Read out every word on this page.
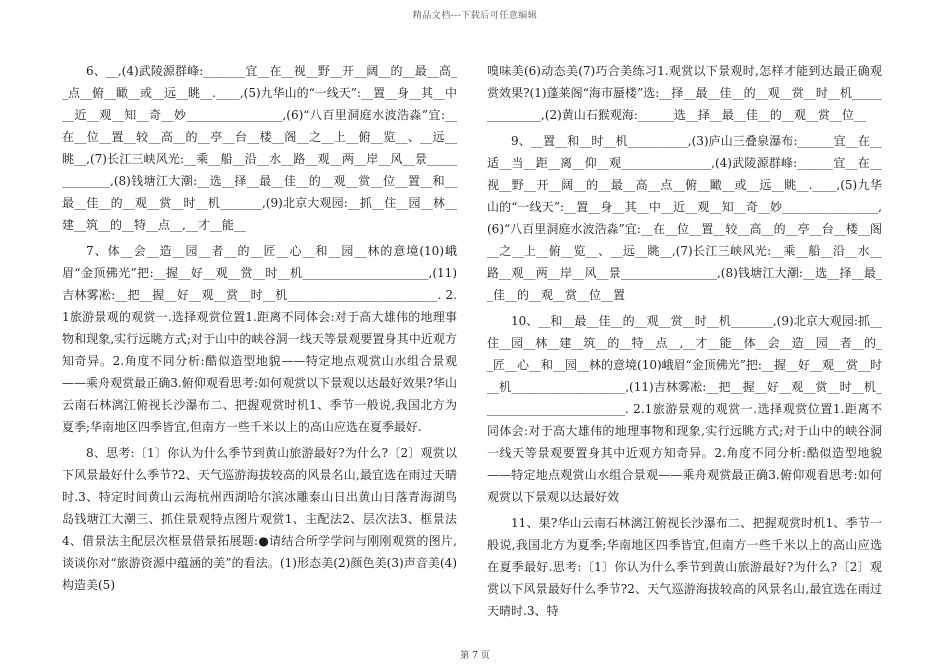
精品文档---下载后可任意编辑

6、__,(4)武陵源群峰:_______宜__在__视__野__开__阔__的__最__高__点__俯__瞰__或__远__眺__.____,(5)九华山的“一线天”:__置__身__其__中__近__观__知__奇__妙________________,(6)“八百里洞庭水波浩淼”宜:__在__位__置__较__高__的__亭__台__楼__阁__之__上__俯__览__、__远__眺__,(7)长江三峡风光:__乘__船__沿__水__路__观__两__岸__风__景_____________,(8)钱塘江大潮:__选__择__最__佳__的__观__赏__位__置__和__最__佳__的__观__赏__时__机_______,(9)北京大观园:__抓__住__园__林__建__筑__的__特__点__,__才__能__

7、体__会__造__园__者__的__匠__心__和__园__林的意境(10)峨眉“金顶佛光”把:__握__好__观__赏__时__机_____________________,(11)吉林雾凇:__把__握__好__观__赏__时__机_________________________. 2.1旅游景观的观赏一.选择观赏位置1.距离不同体会:对于高大雄伟的地理事物和现象,实行远眺方式;对于山中的峡谷洞一线天等景观要置身其中近观方知奇异。2.角度不同分析:酷似造型地貌——特定地点观赏山水组合景观——乘舟观赏最正确3.俯仰观看思考:如何观赏以下景观以达最好效果?华山云南石林漓江俯视长沙瀑布二、把握观赏时机1、季节一般说,我国北方为夏季;华南地区四季皆宜,但南方一些千米以上的高山应选在夏季最好.

8、思考:〔1〕你认为什么季节到黄山旅游最好?为什么?〔2〕观赏以下风景最好什么季节?2、天气巡游海拔较高的风景名山,最宜选在雨过天晴时.3、特定时间黄山云海杭州西湖哈尔滨冰雕泰山日出黄山日落青海湖鸟岛钱塘江大潮三、抓住景观特点图片观赏1、主配法2、层次法3、框景法4、借景法主配层次框景借景拓展题:●请结合所学学问与刚刚观赏的图片,谈谈你对“旅游资源中蕴涵的美”的看法。(1)形态美(2)颜色美(3)声音美(4)构造美(5)

嗅味美(6)动态美(7)巧合美练习1.观赏以下景观时,怎样才能到达最正确观赏效果?(1)蓬莱阁“海市蜃楼”选:__择__最__佳__的__观__赏__时__机______________,(2)黄山石猴观海:______选__择__最__佳__的__观__赏__位__

9、__置__和__时__机__________,(3)庐山三叠泉瀑布:______宜__在__适__当__距__离__仰__观_______________,(4)武陵源群峰:______宜__在__视__野__开__阔__的__最__高__点__俯__瞰__或__远__眺__.____,(5)九华山的“一线天”:__置__身__其__中__近__观__知__奇__妙________________,(6)“八百里洞庭水波浩淼”宜:__在__位__置__较__高__的__亭__台__楼__阁__之__上__俯__览__、__远__眺__,(7)长江三峡风光:__乘__船__沿__水__路__观__两__岸__风__景________________,(8)钱塘江大潮:__选__择__最__佳__的__观__赏__位__置

10、__和__最__佳__的__观__赏__时__机_______,(9)北京大观园:抓__住__园__林__建__筑__的__特__点__,__才__能__体__会__造__园__者__的__匠__心__和__园__林的意境(10)峨眉“金顶佛光”把:__握__好__观__赏__时__机___________________,(11)吉林雾凇:__把__握__好__观__赏__时__机________________________. 2.1旅游景观的观赏一.选择观赏位置1.距离不同体会:对于高大雄伟的地理事物和现象,实行远眺方式;对于山中的峡谷洞一线天等景观要置身其中近观方知奇异。2.角度不同分析:酷似造型地貌——特定地点观赏山水组合景观——乘舟观赏最正确3.俯仰观看思考:如何观赏以下景观以达最好效

11、果?华山云南石林漓江俯视长沙瀑布二、把握观赏时机1、季节一般说,我国北方为夏季;华南地区四季皆宜,但南方一些千米以上的高山应选在夏季最好.思考:〔1〕你认为什么季节到黄山旅游最好?为什么?〔2〕观赏以下风景最好什么季节?2、天气巡游海拔较高的风景名山,最宜选在雨过天晴时.3、特

第 7 页
